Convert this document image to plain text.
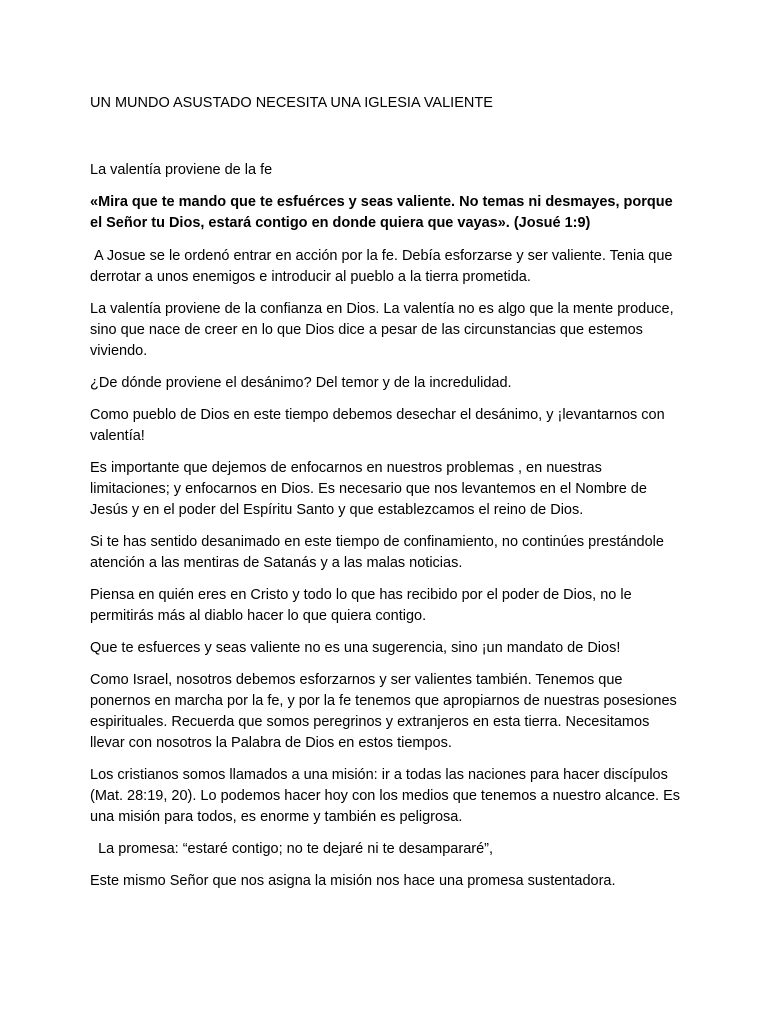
UN MUNDO ASUSTADO NECESITA UNA IGLESIA VALIENTE
La valentía proviene de la fe

«Mira que te mando que te esfuérces y seas valiente. No temas ni desmayes, porque el Señor tu Dios, estará contigo en donde quiera que vayas». (Josué 1:9)

A Josue se le ordenó entrar en acción por la fe. Debía esforzarse y ser valiente. Tenia que derrotar a unos enemigos e introducir al pueblo a la tierra prometida.

La valentía proviene de la confianza en Dios. La valentía no es algo que la mente produce, sino que nace de creer en lo que Dios dice a pesar de las circunstancias que estemos viviendo.

¿De dónde proviene el desánimo? Del temor y de la incredulidad.

Como pueblo de Dios en este tiempo debemos desechar el desánimo, y ¡levantarnos con valentía!

Es importante que dejemos de enfocarnos en nuestros problemas , en nuestras limitaciones; y enfocarnos en Dios. Es necesario que nos levantemos en el Nombre de Jesús y en el poder del Espíritu Santo y que establezcamos el reino de Dios.

Si te has sentido desanimado en este tiempo de confinamiento, no continúes prestándole atención a las mentiras de Satanás y a las malas noticias.

Piensa en quién eres en Cristo y todo lo que has recibido por el poder de Dios, no le permitirás más al diablo hacer lo que quiera contigo.

Que te esfuerces y seas valiente no es una sugerencia, sino ¡un mandato de Dios!

Como Israel, nosotros debemos esforzarnos y ser valientes también. Tenemos que ponernos en marcha por la fe, y por la fe tenemos que apropiarnos de nuestras posesiones espirituales. Recuerda que somos peregrinos y extranjeros en esta tierra. Necesitamos llevar con nosotros la Palabra de Dios en estos tiempos.

Los cristianos somos llamados a una misión: ir a todas las naciones para hacer discípulos (Mat. 28:19, 20). Lo podemos hacer hoy con los medios que tenemos a nuestro alcance. Es una misión para todos, es enorme y también es peligrosa.

La promesa: “estaré contigo; no te dejaré ni te desampararé”,

Este mismo Señor que nos asigna la misión nos hace una promesa sustentadora.
